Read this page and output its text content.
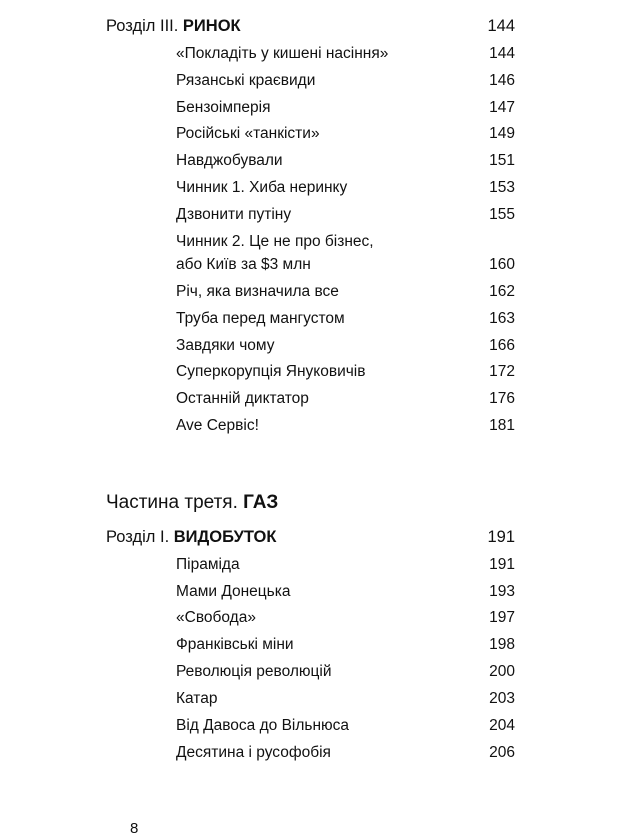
Розділ ІІІ. РИНОК	144
«Покладіть у кишені насіння»	144
Рязанські краєвиди	146
Бензоімперія	147
Російські «танкісти»	149
Навджобували	151
Чинник 1. Хиба неринку	153
Дзвонити путіну	155
Чинник 2. Це не про бізнес,
або Київ за $3 млн	160
Річ, яка визначила все	162
Труба перед мангустом	163
Завдяки чому	166
Суперкорупція Януковичів	172
Останній диктатор	176
Ave Сервіс!	181
Частина третя. ГАЗ
Розділ І. ВИДОБУТОК	191
Піраміда	191
Мами Донецька	193
«Свобода»	197
Франківські міни	198
Революція революцій	200
Катар	203
Від Давоса до Вільнюса	204
Десятина і русофобія	206
8
